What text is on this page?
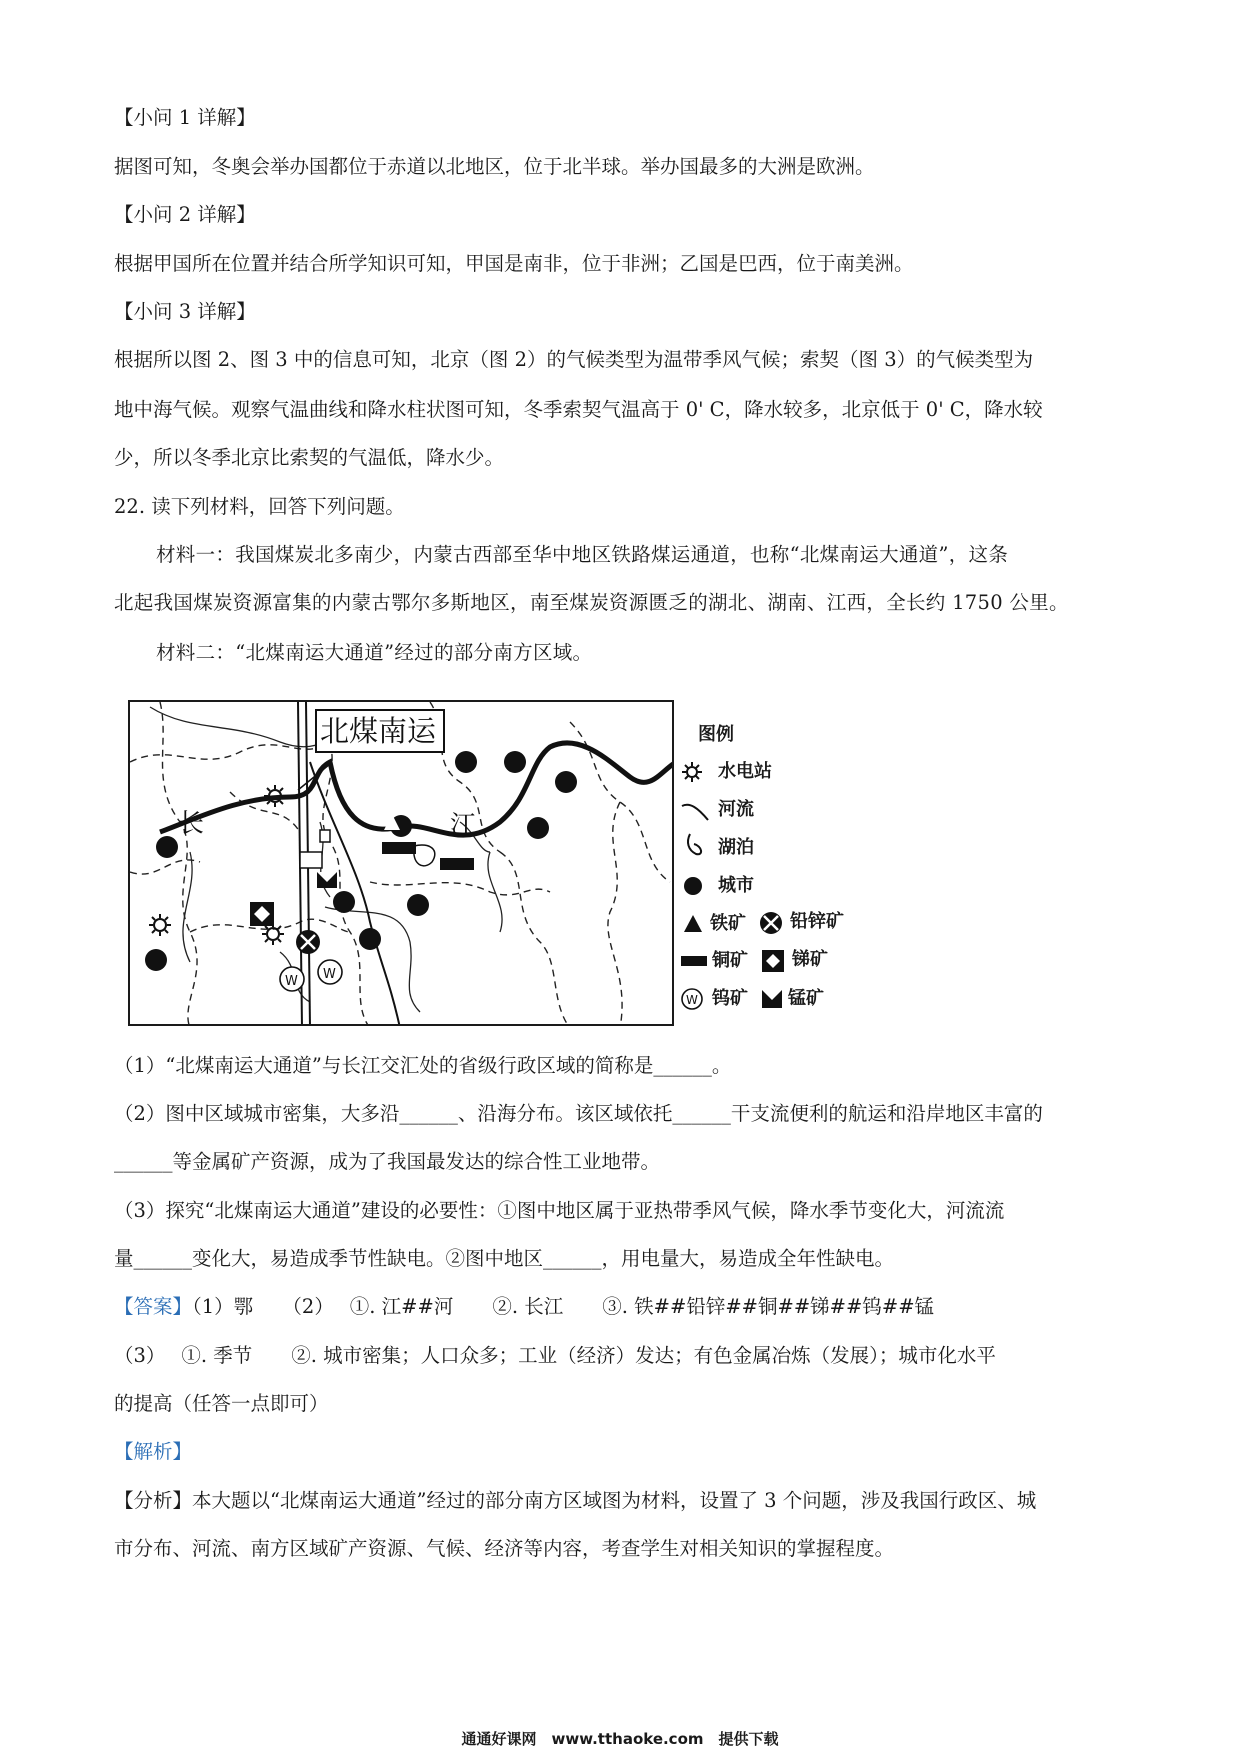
【小问 1 详解】
据图可知，冬奥会举办国都位于赤道以北地区，位于北半球。举办国最多的大洲是欧洲。
【小问 2 详解】
根据甲国所在位置并结合所学知识可知，甲国是南非，位于非洲；乙国是巴西，位于南美洲。
【小问 3 详解】
根据所以图 2、图 3 中的信息可知，北京（图 2）的气候类型为温带季风气候；索契（图 3）的气候类型为
地中海气候。观察气温曲线和降水柱状图可知，冬季索契气温高于 0' C，降水较多，北京低于 0' C，降水较
少，所以冬季北京比索契的气温低，降水少。
22. 读下列材料，回答下列问题。
材料一：我国煤炭北多南少，内蒙古西部至华中地区铁路煤运通道，也称“北煤南运大通道”，这条
北起我国煤炭资源富集的内蒙古鄂尔多斯地区，南至煤炭资源匮乏的湖北、湖南、江西，全长约 1750 公里。
材料二：“北煤南运大通道”经过的部分南方区域。
北煤南运
长	江
W W
图例
水电站
河流
湖泊
城市
铁矿 铅锌矿
铜矿 锑矿
W 钨矿 锰矿
（1）“北煤南运大通道”与长江交汇处的省级行政区域的简称是______。
（2）图中区域城市密集，大多沿______、沿海分布。该区域依托______干支流便利的航运和沿岸地区丰富的
______等金属矿产资源，成为了我国最发达的综合性工业地带。
（3）探究“北煤南运大通道”建设的必要性：①图中地区属于亚热带季风气候，降水季节变化大，河流流
量______变化大，易造成季节性缺电。②图中地区______，用电量大，易造成全年性缺电。
【答案】（1）鄂　　（2）　 ①. 江##河　　②. 长江　　③. 铁##铅锌##铜##锑##钨##锰
（3）　 ①. 季节　　②. 城市密集；人口众多；工业（经济）发达；有色金属冶炼（发展）；城市化水平
的提高（任答一点即可）
【解析】
【分析】本大题以“北煤南运大通道”经过的部分南方区域图为材料，设置了 3 个问题，涉及我国行政区、城
市分布、河流、南方区域矿产资源、气候、经济等内容，考查学生对相关知识的掌握程度。
通通好课网　www.tthaoke.com　提供下载
